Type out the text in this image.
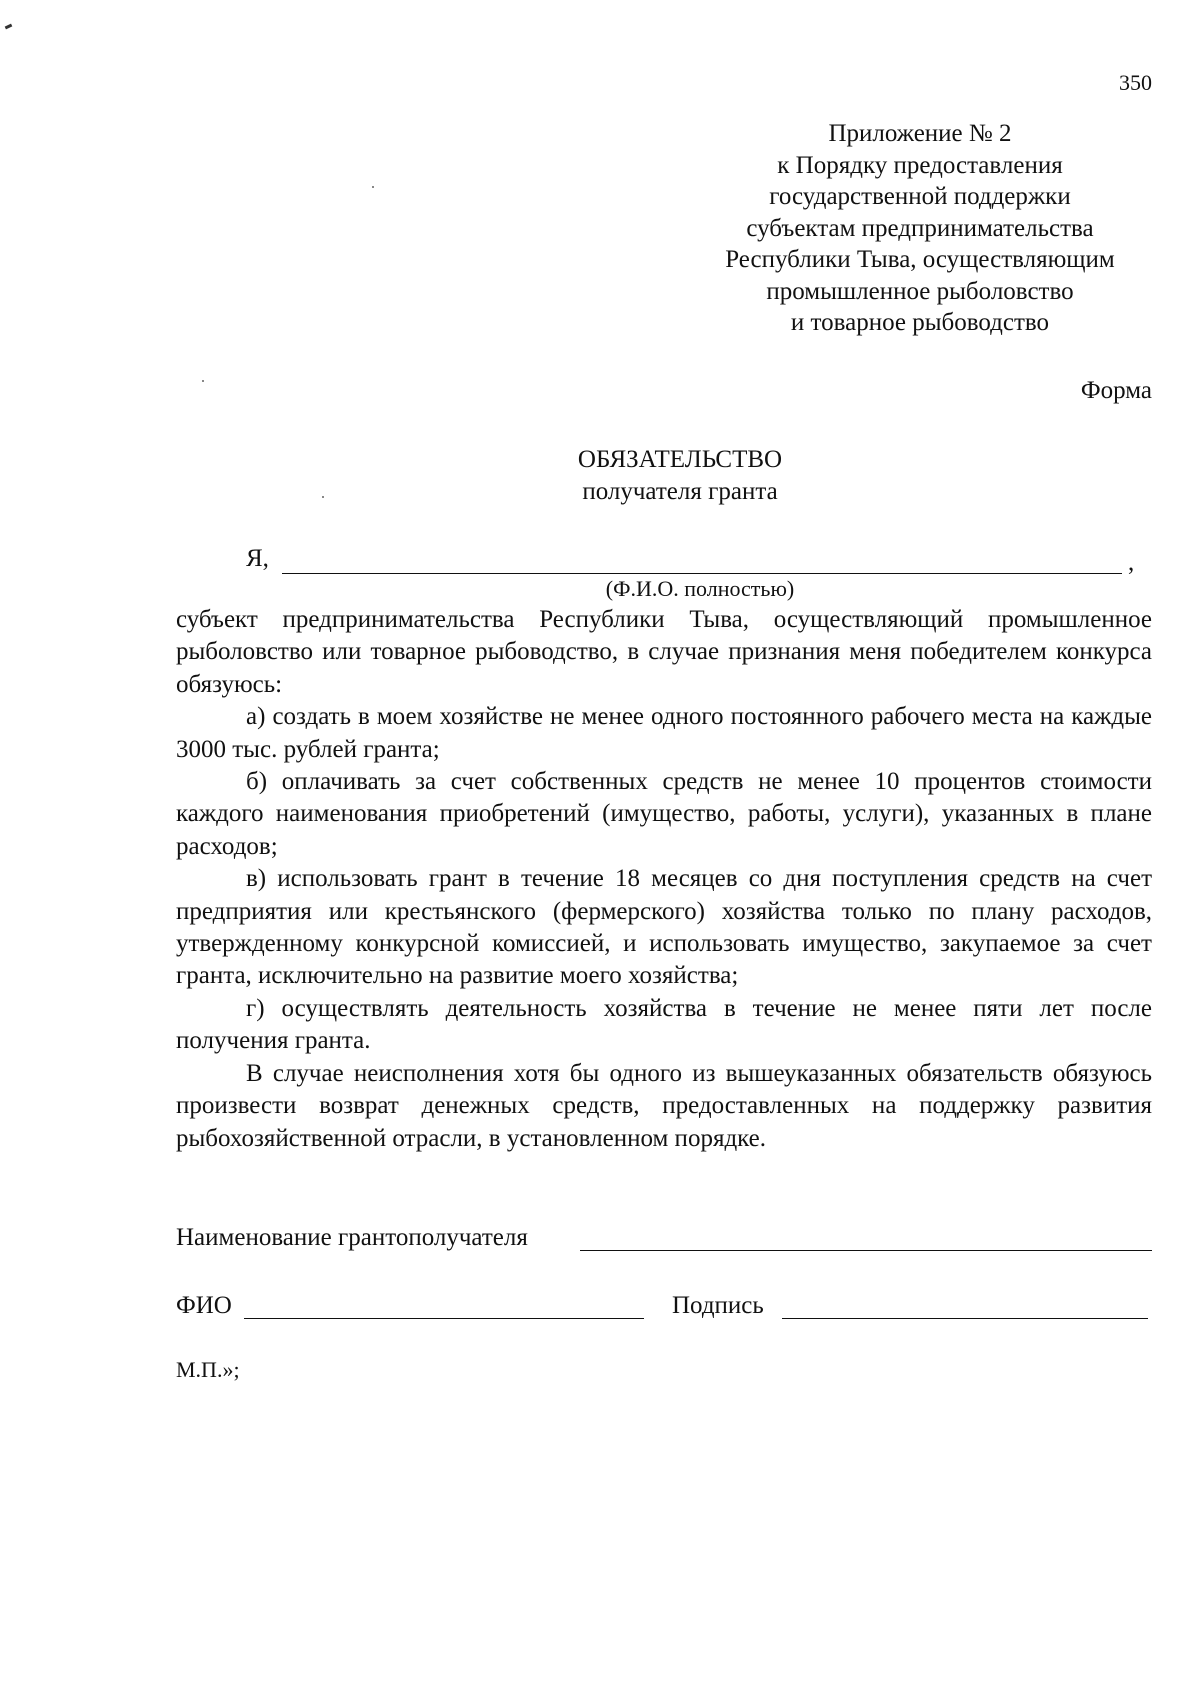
350
Приложение № 2
к Порядку предоставления
государственной поддержки
субъектам предпринимательства
Республики Тыва, осуществляющим
промышленное рыболовство
и товарное рыбоводство
Форма
ОБЯЗАТЕЛЬСТВО
получателя гранта
Я,	,
(Ф.И.О. полностью)

субъект предпринимательства Республики Тыва, осуществляющий промышленное рыболовство или товарное рыбоводство, в случае признания меня победителем конкурса обязуюсь:

а) создать в моем хозяйстве не менее одного постоянного рабочего места на каждые 3000 тыс. рублей гранта;

б) оплачивать за счет собственных средств не менее 10 процентов стоимости каждого наименования приобретений (имущество, работы, услуги), указанных в плане расходов;

в) использовать грант в течение 18 месяцев со дня поступления средств на счет предприятия или крестьянского (фермерского) хозяйства только по плану расходов, утвержденному конкурсной комиссией, и использовать имущество, закупаемое за счет гранта, исключительно на развитие моего хозяйства;

г) осуществлять деятельность хозяйства в течение не менее пяти лет после получения гранта.

В случае неисполнения хотя бы одного из вышеуказанных обязательств обязуюсь произвести возврат денежных средств, предоставленных на поддержку развития рыбохозяйственной отрасли, в установленном порядке.

Наименование грантополучателя
ФИО	Подпись
М.П.»;
